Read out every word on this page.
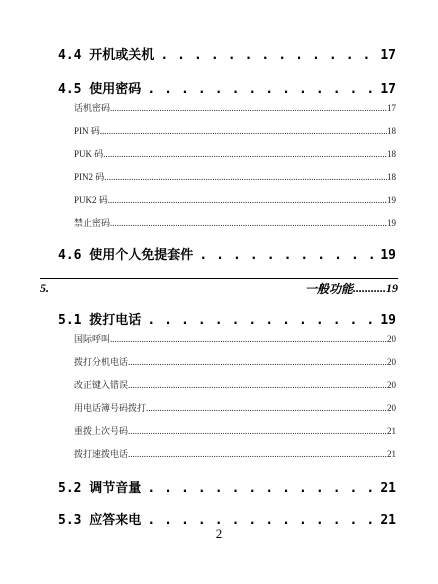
4.4 开机或关机 . . .	17
4.5 使用密码 . . .	17
话机密码 .....	17
PIN 码 .....	18
PUK 码 .....	18
PIN2 码 .....	18
PUK2 码 .....	19
禁止密码 .....	19
4.6 使用个人免提套件 . . .	19
5.	一般功能 ........... 19
5.1 拨打电话 . . .	19
国际呼叫 .....	20
拨打分机电话 .....	20
改正键入错误 .....	20
用电话簿号码拨打 .....	20
重拨上次号码 .....	21
拨打速拨电话 .....	21
5.2 调节音量 . . .	21
5.3 应答来电 . . .	21
2
